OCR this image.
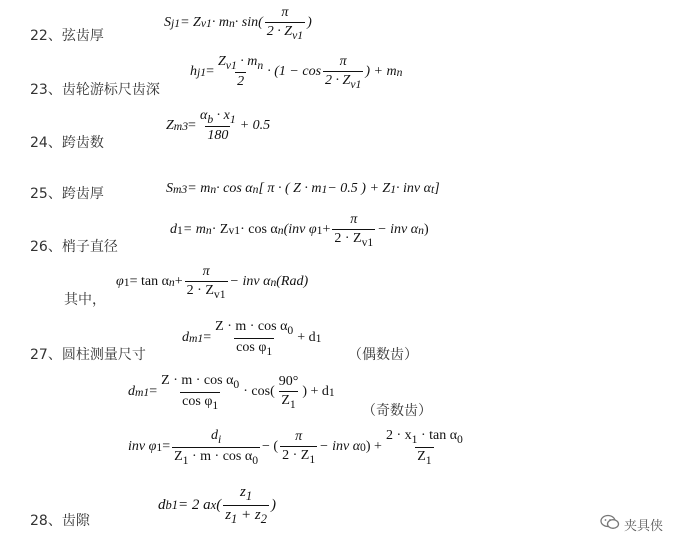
22、弦齿厚
23、齿轮游标尺齿深
24、跨齿数
25、跨齿厚
26、梢子直径
其中，
27、圆柱测量尺寸
28、齿隙
S j1 = Z v1 · m $n \cdot \sin( \frac{\pi}{2 \cdot Z_{v1}}$ )
h $j1 = \frac{Z_{v1} \cdot m_n}{2} \cdot (1 - \cos \frac{\pi}{2 \cdot Z_{v1}}$ ) + m n
Z $m3 = \frac{\alpha_b \cdot x_1}{180} + 0.5$
S m3 = m n · cos α n [ π · ( Z · m 1 − 0.5 ) + Z 1 · inv α t ]
d 1 = m n · Z v1 · cos α n (inv φ $1 + \frac{\pi}{2 \cdot Z_{v1}}$ − inv α n )
φ 1 = tan α $n + \frac{\pi}{2 \cdot Z_{v1}}$ − inv α n (Rad)
d $m1 = \frac{Z \cdot m \cdot \cos \alpha_0}{\cos \varphi_1} + d$ 1
（偶数齿）
d $m1 = \frac{Z \cdot m \cdot \cos \alpha_0}{\cos \varphi_1} \cdot \cos( \frac{90^\circ}{Z_1}$ ) + d 1
（奇数齿）
inv φ $1 = \frac{d_i}{Z_1 \cdot m \cdot \cos \alpha_0}$ − ( $\frac{\pi}{2 \cdot Z_1}$ − inv α 0 ) + $\frac{2 \cdot x_1 \cdot \tan \alpha_0}{Z_1}$
d b1 = 2 a x ( $\frac{z_1}{z_1 + z_2}$ )
夹具侠
